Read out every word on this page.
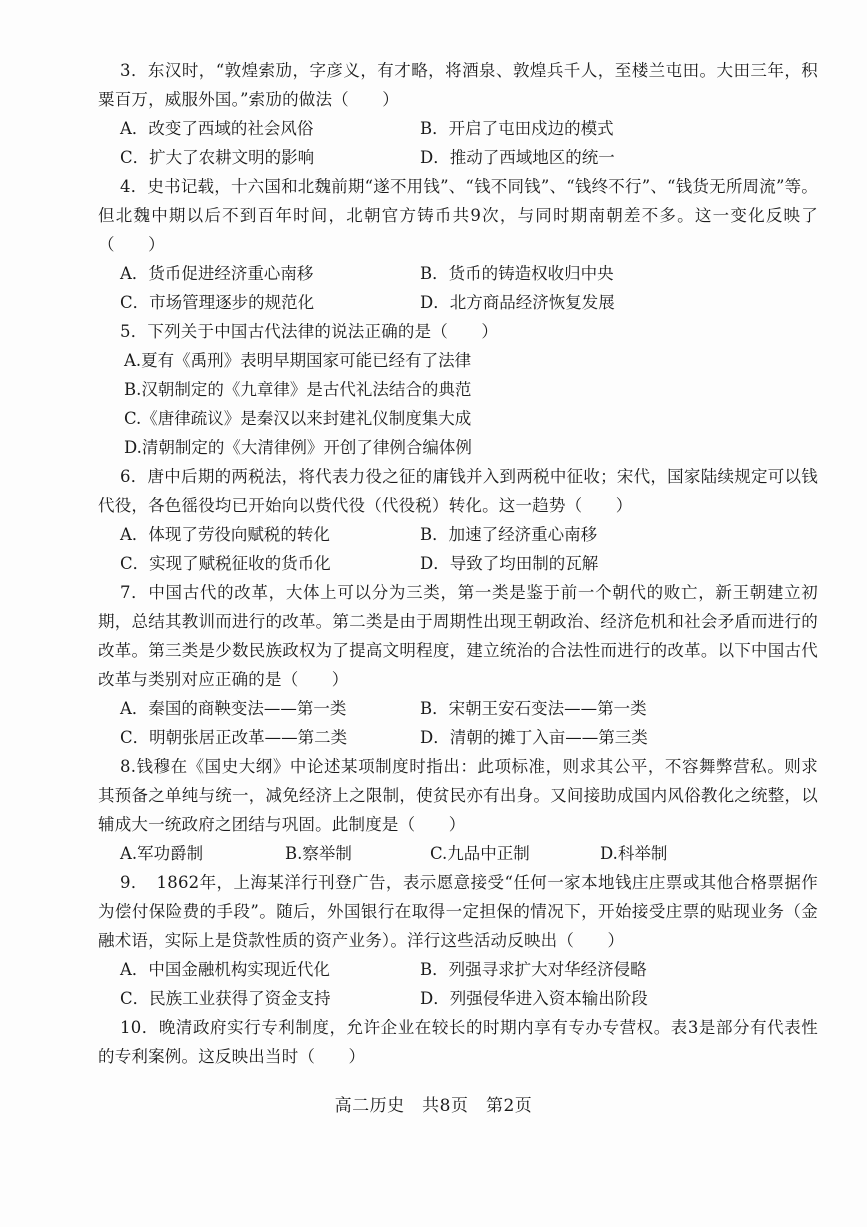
3．东汉时，“敦煌索劢，字彦义，有才略，将酒泉、敦煌兵千人，至楼兰屯田。大田三年，积粟百万，威服外国。”索劢的做法（　　）
A．改变了西域的社会风俗	B．开启了屯田戍边的模式
C．扩大了农耕文明的影响	D．推动了西域地区的统一
4．史书记载，十六国和北魏前期“遂不用钱”、“钱不同钱”、“钱终不行”、“钱货无所周流”等。但北魏中期以后不到百年时间，北朝官方铸币共9次，与同时期南朝差不多。这一变化反映了（　　）
A．货币促进经济重心南移	B．货币的铸造权收归中央
C．市场管理逐步的规范化	D．北方商品经济恢复发展
5．下列关于中国古代法律的说法正确的是（　　）
A.夏有《禹刑》表明早期国家可能已经有了法律
B.汉朝制定的《九章律》是古代礼法结合的典范
C.《唐律疏议》是秦汉以来封建礼仪制度集大成
D.清朝制定的《大清律例》开创了律例合编体例
6．唐中后期的两税法，将代表力役之征的庸钱并入到两税中征收；宋代，国家陆续规定可以钱代役，各色徭役均已开始向以赀代役（代役税）转化。这一趋势（　　）
A．体现了劳役向赋税的转化	B．加速了经济重心南移
C．实现了赋税征收的货币化	D．导致了均田制的瓦解
7．中国古代的改革，大体上可以分为三类，第一类是鉴于前一个朝代的败亡，新王朝建立初期，总结其教训而进行的改革。第二类是由于周期性出现王朝政治、经济危机和社会矛盾而进行的改革。第三类是少数民族政权为了提高文明程度，建立统治的合法性而进行的改革。以下中国古代改革与类别对应正确的是（　　）
A．秦国的商鞅变法——第一类	B．宋朝王安石变法——第一类
C．明朝张居正改革——第二类	D．清朝的摊丁入亩——第三类
8.钱穆在《国史大纲》中论述某项制度时指出：此项标准，则求其公平，不容舞弊营私。则求其预备之单纯与统一，减免经济上之限制，使贫民亦有出身。又间接助成国内风俗教化之统整，以辅成大一统政府之团结与巩固。此制度是（　　）
A.军功爵制	B.察举制	C.九品中正制	D.科举制
9．　1862年，上海某洋行刊登广告，表示愿意接受“任何一家本地钱庄庄票或其他合格票据作为偿付保险费的手段”。随后，外国银行在取得一定担保的情况下，开始接受庄票的贴现业务（金融术语，实际上是贷款性质的资产业务）。洋行这些活动反映出（　　）
A．中国金融机构实现近代化	B．列强寻求扩大对华经济侵略
C．民族工业获得了资金支持	D．列强侵华进入资本输出阶段
10．晚清政府实行专利制度，允许企业在较长的时期内享有专办专营权。表3是部分有代表性的专利案例。这反映出当时（　　）
高二历史　共8页　第2页
